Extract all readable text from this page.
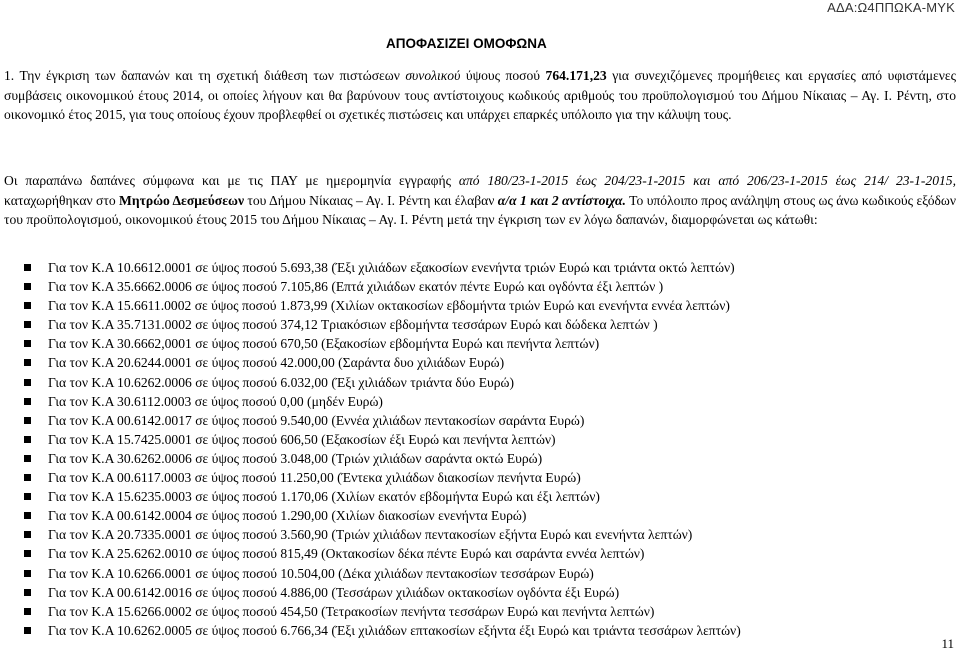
ΑΔΑ:Ω4ΠΠΩΚΑ-ΜΥΚ
ΑΠΟΦΑΣΙΖΕΙ ΟΜΟΦΩΝΑ
1. Την έγκριση των δαπανών και τη σχετική διάθεση των πιστώσεων συνολικού ύψους ποσού 764.171,23 για συνεχιζόμενες προμήθειες και εργασίες από υφιστάμενες συμβάσεις οικονομικού έτους 2014, οι οποίες λήγουν και θα βαρύνουν τους αντίστοιχους κωδικούς αριθμούς του προϋπολογισμού του Δήμου Νίκαιας – Αγ. Ι. Ρέντη, στο οικονομικό έτος 2015, για τους οποίους έχουν προβλεφθεί οι σχετικές πιστώσεις και υπάρχει επαρκές υπόλοιπο για την κάλυψη τους.
Οι παραπάνω δαπάνες σύμφωνα και με τις ΠΑΥ με ημερομηνία εγγραφής από 180/23-1-2015 έως 204/23-1-2015 και από 206/23-1-2015 έως 214/ 23-1-2015, καταχωρήθηκαν στο Μητρώο Δεσμεύσεων του Δήμου Νίκαιας – Αγ. Ι. Ρέντη και έλαβαν α/α 1 και 2 αντίστοιχα. Το υπόλοιπο προς ανάληψη στους ως άνω κωδικούς εξόδων του προϋπολογισμού, οικονομικού έτους 2015 του Δήμου Νίκαιας – Αγ. Ι. Ρέντη μετά την έγκριση των εν λόγω δαπανών, διαμορφώνεται ως κάτωθι:
Για τον Κ.Α 10.6612.0001 σε ύψος ποσού 5.693,38 (Έξι χιλιάδων εξακοσίων ενενήντα τριών Ευρώ και τριάντα οκτώ λεπτών)
Για τον Κ.Α 35.6662.0006 σε ύψος ποσού 7.105,86 (Επτά χιλιάδων εκατόν πέντε Ευρώ και ογδόντα έξι λεπτών )
Για τον Κ.Α 15.6611.0002 σε ύψος ποσού 1.873,99 (Χιλίων οκτακοσίων εβδομήντα τριών Ευρώ και ενενήντα εννέα λεπτών)
Για τον Κ.Α 35.7131.0002 σε ύψος ποσού 374,12 Τριακόσιων εβδομήντα τεσσάρων Ευρώ και δώδεκα λεπτών )
Για τον Κ.Α 30.6662,0001 σε ύψος ποσού 670,50 (Εξακοσίων εβδομήντα Ευρώ και πενήντα λεπτών)
Για τον Κ.Α 20.6244.0001 σε ύψος ποσού 42.000,00 (Σαράντα δυο χιλιάδων Ευρώ)
Για τον Κ.Α 10.6262.0006 σε ύψος ποσού 6.032,00 (Έξι χιλιάδων τριάντα δύο Ευρώ)
Για τον Κ.Α 30.6112.0003 σε ύψος ποσού 0,00 (μηδέν Ευρώ)
Για τον Κ.Α 00.6142.0017 σε ύψος ποσού 9.540,00 (Εννέα χιλιάδων πεντακοσίων σαράντα Ευρώ)
Για τον Κ.Α 15.7425.0001 σε ύψος ποσού 606,50 (Εξακοσίων έξι Ευρώ και πενήντα λεπτών)
Για τον Κ.Α 30.6262.0006 σε ύψος ποσού 3.048,00 (Τριών χιλιάδων σαράντα οκτώ Ευρώ)
Για τον Κ.Α 00.6117.0003 σε ύψος ποσού 11.250,00 (Έντεκα χιλιάδων διακοσίων πενήντα Ευρώ)
Για τον Κ.Α 15.6235.0003 σε ύψος ποσού 1.170,06 (Χιλίων εκατόν εβδομήντα Ευρώ και έξι λεπτών)
Για τον Κ.Α 00.6142.0004 σε ύψος ποσού 1.290,00 (Χιλίων διακοσίων ενενήντα Ευρώ)
Για τον Κ.Α 20.7335.0001 σε ύψος ποσού 3.560,90 (Τριών χιλιάδων πεντακοσίων εξήντα Ευρώ και ενενήντα λεπτών)
Για τον Κ.Α 25.6262.0010 σε ύψος ποσού 815,49 (Οκτακοσίων δέκα πέντε Ευρώ και σαράντα εννέα λεπτών)
Για τον Κ.Α 10.6266.0001 σε ύψος ποσού 10.504,00 (Δέκα χιλιάδων πεντακοσίων τεσσάρων Ευρώ)
Για τον Κ.Α 00.6142.0016 σε ύψος ποσού 4.886,00 (Τεσσάρων χιλιάδων οκτακοσίων ογδόντα έξι Ευρώ)
Για τον Κ.Α 15.6266.0002 σε ύψος ποσού 454,50 (Τετρακοσίων πενήντα τεσσάρων Ευρώ και πενήντα λεπτών)
Για τον Κ.Α 10.6262.0005 σε ύψος ποσού 6.766,34 (Έξι χιλιάδων επτακοσίων εξήντα έξι Ευρώ και τριάντα τεσσάρων λεπτών)
11
